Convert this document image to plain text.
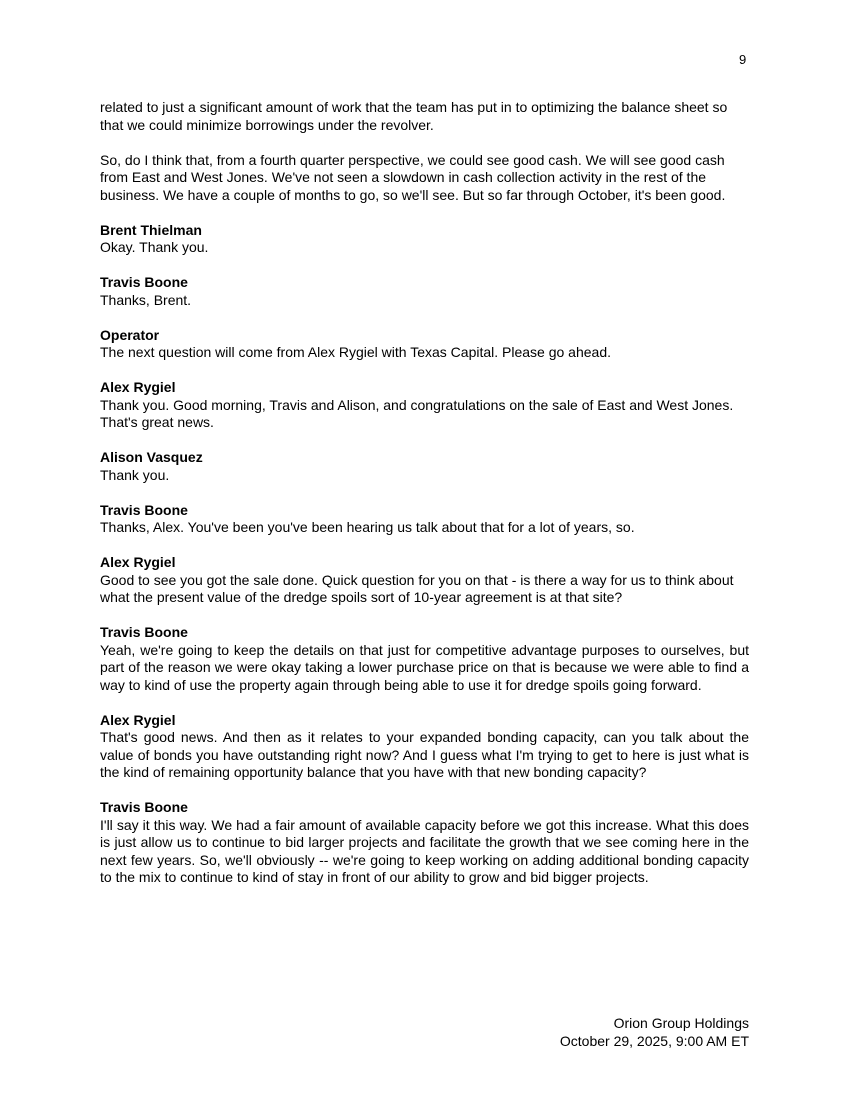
9

related to just a significant amount of work that the team has put in to optimizing the balance sheet so that we could minimize borrowings under the revolver.

So, do I think that, from a fourth quarter perspective, we could see good cash. We will see good cash from East and West Jones. We've not seen a slowdown in cash collection activity in the rest of the business. We have a couple of months to go, so we'll see. But so far through October, it's been good.

Brent Thielman
Okay. Thank you.
Travis Boone
Thanks, Brent.
Operator
The next question will come from Alex Rygiel with Texas Capital. Please go ahead.
Alex Rygiel
Thank you. Good morning, Travis and Alison, and congratulations on the sale of East and West Jones. That's great news.
Alison Vasquez
Thank you.
Travis Boone
Thanks, Alex. You've been you've been hearing us talk about that for a lot of years, so.
Alex Rygiel
Good to see you got the sale done. Quick question for you on that - is there a way for us to think about what the present value of the dredge spoils sort of 10-year agreement is at that site?
Travis Boone
Yeah, we're going to keep the details on that just for competitive advantage purposes to ourselves, but part of the reason we were okay taking a lower purchase price on that is because we were able to find a way to kind of use the property again through being able to use it for dredge spoils going forward.
Alex Rygiel
That's good news. And then as it relates to your expanded bonding capacity, can you talk about the value of bonds you have outstanding right now? And I guess what I'm trying to get to here is just what is the kind of remaining opportunity balance that you have with that new bonding capacity?
Travis Boone
I'll say it this way. We had a fair amount of available capacity before we got this increase. What this does is just allow us to continue to bid larger projects and facilitate the growth that we see coming here in the next few years. So, we'll obviously -- we're going to keep working on adding additional bonding capacity to the mix to continue to kind of stay in front of our ability to grow and bid bigger projects.
Orion Group Holdings
October 29, 2025, 9:00 AM ET
